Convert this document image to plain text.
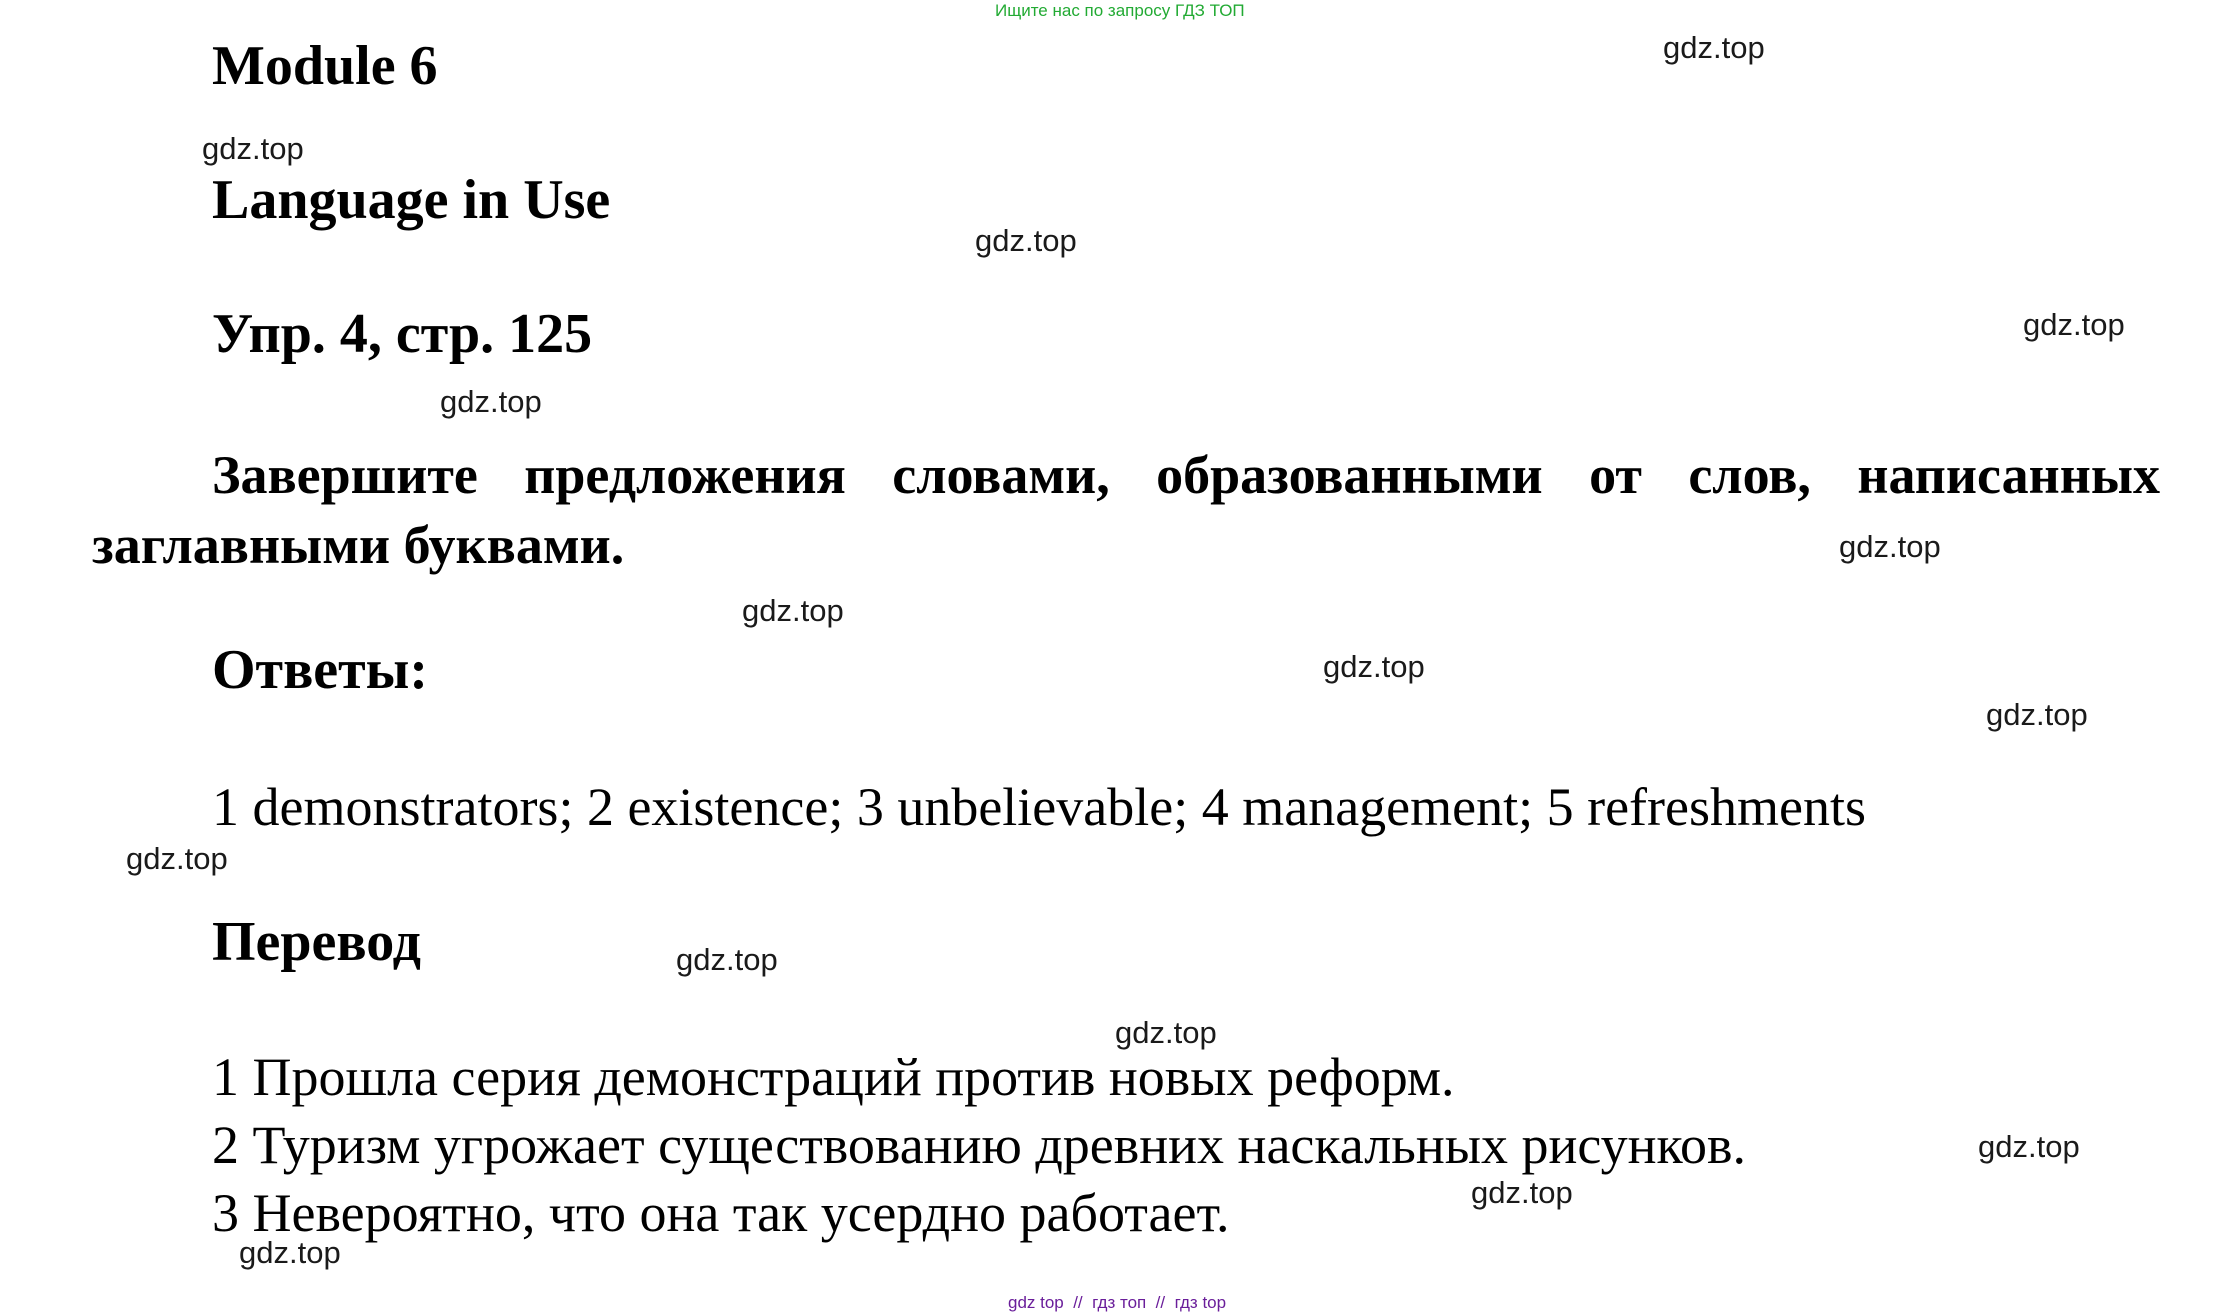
Ищите нас по запросу ГДЗ ТОП
Module 6
Language in Use
Упр. 4, стр. 125
Завершите предложения словами, образованными от слов, написанных заглавными буквами.
Ответы:
1 demonstrators; 2 existence; 3 unbelievable; 4 management; 5 refreshments
Перевод
1 Прошла серия демонстраций против новых реформ.
2 Туризм угрожает существованию древних наскальных рисунков.
3 Невероятно, что она так усердно работает.
gdz.top
gdz.top
gdz.top
gdz.top
gdz.top
gdz.top
gdz.top
gdz.top
gdz.top
gdz.top
gdz.top
gdz.top
gdz.top
gdz.top
gdz.top
gdz top  //  гдз топ  //  гдз top
